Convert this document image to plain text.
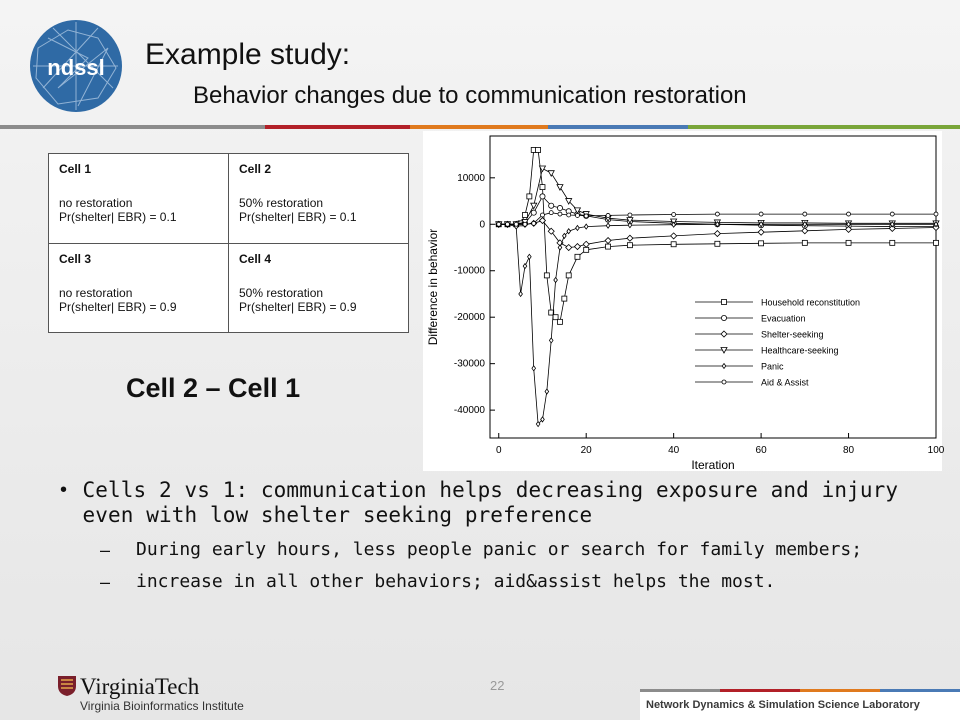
ndssl Example study:
Behavior changes due to communication restoration
Cell 1
no restoration
Pr(shelter| EBR) = 0.1	Cell 2
50% restoration
Pr(shelter| EBR) = 0.1

Cell 3
no restoration
Pr(shelter| EBR) = 0.9	Cell 4
50% restoration
Pr(shelter| EBR) = 0.9
Cell 2 – Cell 1
0	20	40	60	80	100
10000
0
-10000
-20000
-30000
-40000
Iteration
Difference in behavior	Household reconstitution
Evacuation
Shelter-seeking
Healthcare-seeking
Panic
Aid & Assist
• Cells 2 vs 1: communication helps decreasing exposure and injury even with low shelter seeking preference
–	During early hours, less people panic or search for family members;
–	increase in all other behaviors; aid&assist helps the most.
22
VirginiaTech
Virginia Bioinformatics Institute	Network Dynamics & Simulation Science Laboratory
